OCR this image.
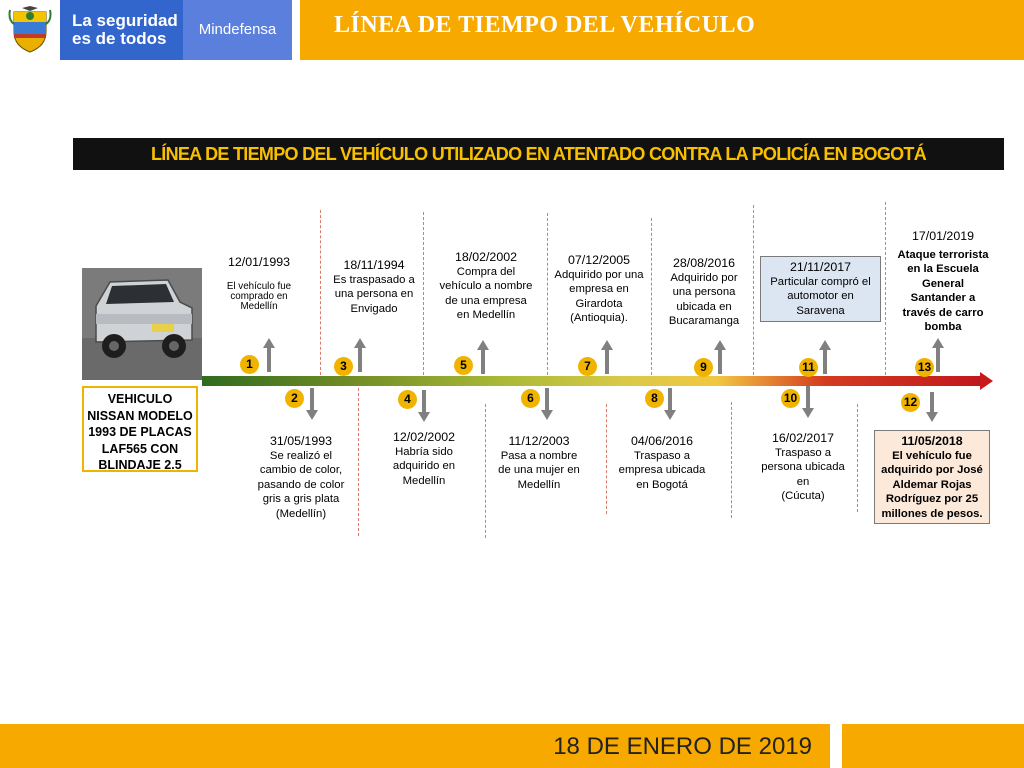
La seguridad
es de todos	Mindefensa	LÍNEA DE TIEMPO DEL VEHÍCULO
LÍNEA DE TIEMPO DEL VEHÍCULO UTILIZADO EN ATENTADO CONTRA LA POLICÍA EN BOGOTÁ
VEHICULO
NISSAN MODELO
1993 DE PLACAS
LAF565 CON
BLINDAJE 2.5
1
2
3
4
5
6
7
8
9
10
11
12
13
12/01/1993
El vehículo fue
comprado en
Medellín
31/05/1993
Se realizó el
cambio de color,
pasando de color
gris a gris plata
(Medellín)
18/11/1994
Es traspasado a
una persona en
Envigado
12/02/2002
Habría sido
adquirido en
Medellín
18/02/2002
Compra del
vehículo a nombre
de una empresa
en Medellín
11/12/2003
Pasa a nombre
de una mujer en
Medellín
07/12/2005
Adquirido por una
empresa en
Girardota
(Antioquia).
04/06/2016
Traspaso a
empresa ubicada
en Bogotá
28/08/2016
Adquirido por
una persona
ubicada en
Bucaramanga
16/02/2017
Traspaso a
persona ubicada
en
(Cúcuta)
21/11/2017
Particular compró el
automotor en
Saravena
11/05/2018
El vehículo fue
adquirido por José
Aldemar Rojas
Rodríguez por 25
millones de pesos.
17/01/2019
Ataque terrorista
en la Escuela
General
Santander a
través de carro
bomba
18 DE ENERO DE 2019
